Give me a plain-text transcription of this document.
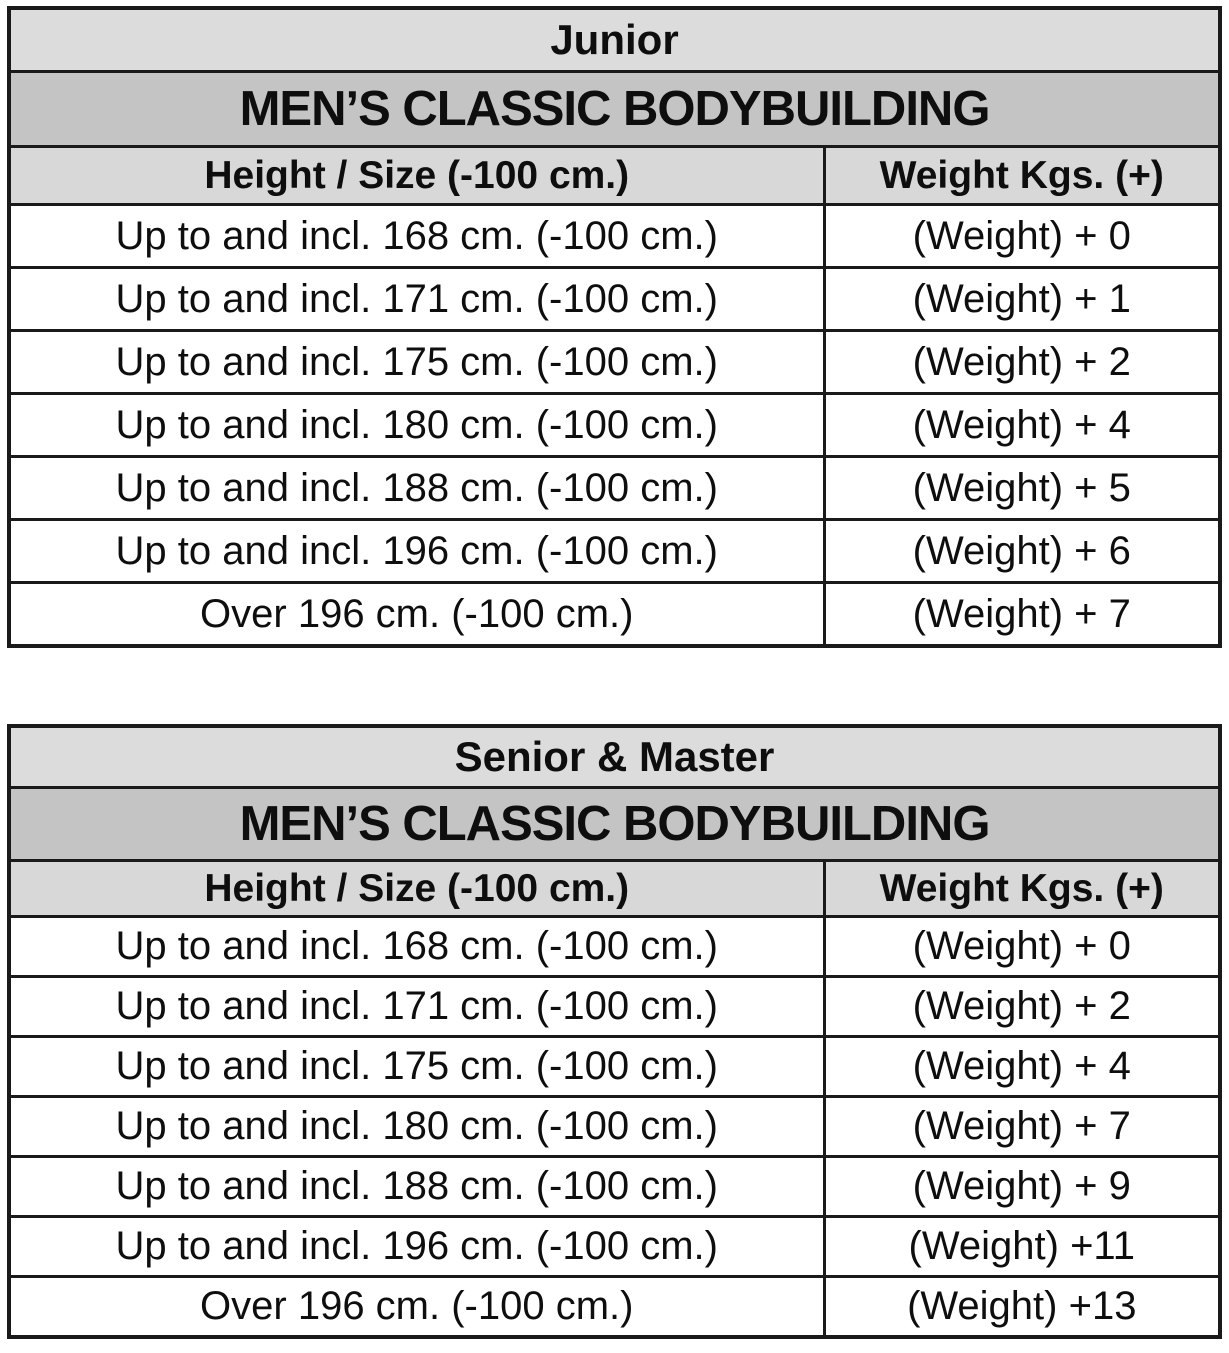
Junior	
MEN’S CLASSIC BODYBUILDING	
Height / Size (-100 cm.)	Weight Kgs. (+)
Up to and incl. 168 cm. (-100 cm.)	(Weight) + 0
Up to and incl. 171 cm. (-100 cm.)	(Weight) + 1
Up to and incl. 175 cm. (-100 cm.)	(Weight) + 2
Up to and incl. 180 cm. (-100 cm.)	(Weight) + 4
Up to and incl. 188 cm. (-100 cm.)	(Weight) + 5
Up to and incl. 196 cm. (-100 cm.)	(Weight) + 6
Over 196 cm. (-100 cm.)	(Weight) + 7
Senior & Master	
MEN’S CLASSIC BODYBUILDING	
Height / Size (-100 cm.)	Weight Kgs. (+)
Up to and incl. 168 cm. (-100 cm.)	(Weight) + 0
Up to and incl. 171 cm. (-100 cm.)	(Weight) + 2
Up to and incl. 175 cm. (-100 cm.)	(Weight) + 4
Up to and incl. 180 cm. (-100 cm.)	(Weight) + 7
Up to and incl. 188 cm. (-100 cm.)	(Weight) + 9
Up to and incl. 196 cm. (-100 cm.)	(Weight) +11
Over 196 cm. (-100 cm.)	(Weight) +13
